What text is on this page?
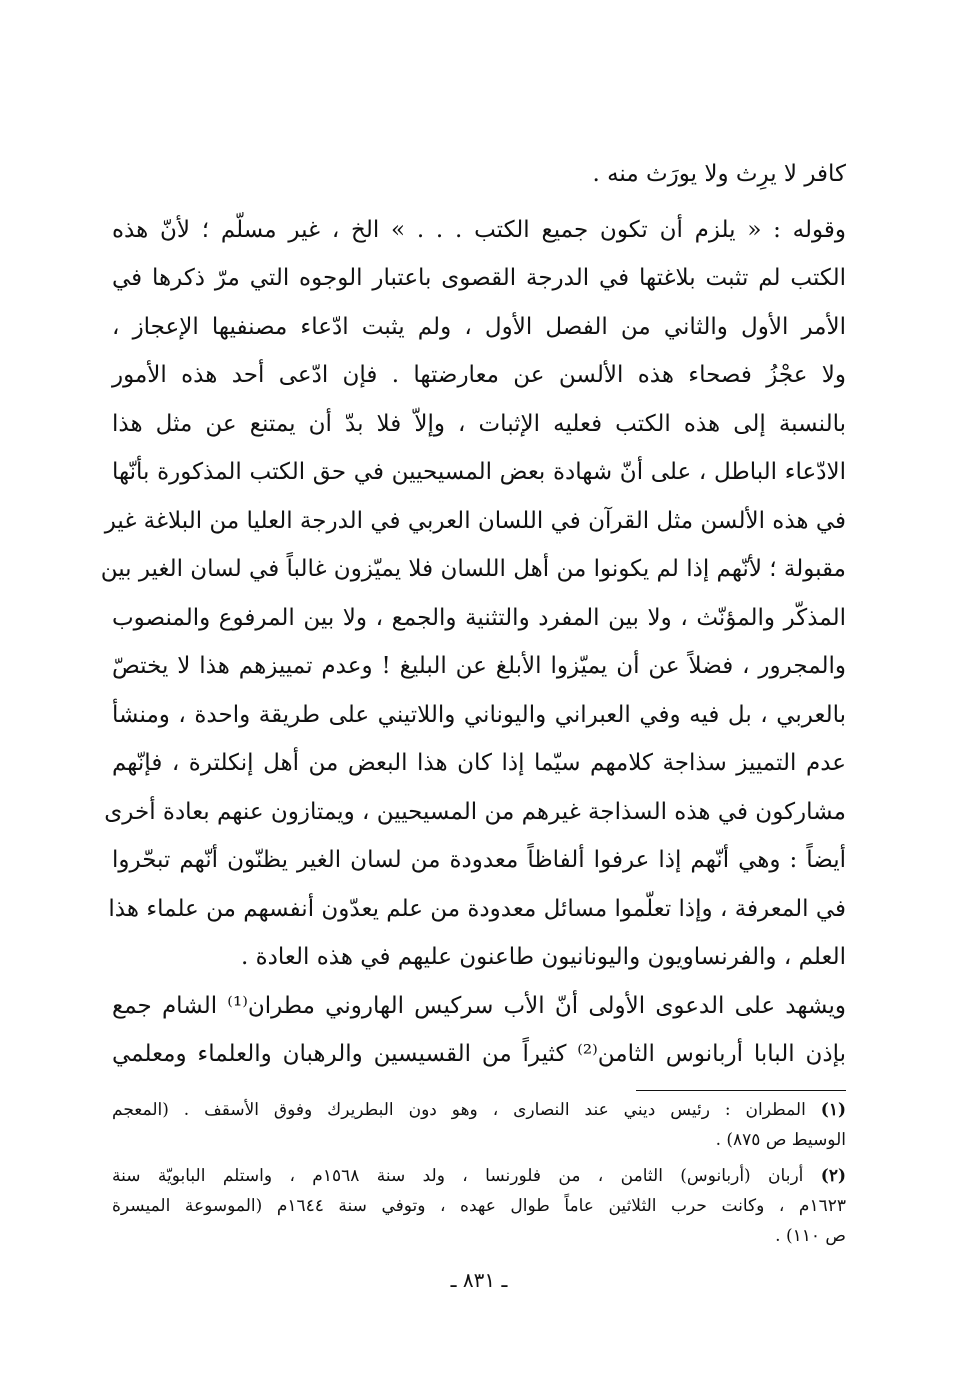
كافر لا يرِث ولا يورَث منه .
وقوله : « يلزم أن تكون جميع الكتب . . . » الخ ، غير مسلّم ؛ لأنّ هذه
الكتب لم تثبت بلاغتها في الدرجة القصوى باعتبار الوجوه التي مرّ ذكرها في
الأمر الأول والثاني من الفصل الأول ، ولم يثبت ادّعاء مصنفيها الإعجاز ،
ولا عجْزُ فصحاء هذه الألسن عن معارضتها . فإن ادّعى أحد هذه الأمور
بالنسبة إلى هذه الكتب فعليه الإثبات ، وإلاّ فلا بدّ أن يمتنع عن مثل هذا
الادّعاء الباطل ، على أنّ شهادة بعض المسيحيين في حق الكتب المذكورة بأنّها
في هذه الألسن مثل القرآن في اللسان العربي في الدرجة العليا من البلاغة غير
مقبولة ؛ لأنّهم إذا لم يكونوا من أهل اللسان فلا يميّزون غالباً في لسان الغير بين
المذكّر والمؤنّث ، ولا بين المفرد والتثنية والجمع ، ولا بين المرفوع والمنصوب
والمجرور ، فضلاً عن أن يميّزوا الأبلغ عن البليغ ! وعدم تمييزهم هذا لا يختصّ
بالعربي ، بل فيه وفي العبراني واليوناني واللاتيني على طريقة واحدة ، ومنشأ
عدم التمييز سذاجة كلامهم سيّما إذا كان هذا البعض من أهل إنكلترة ، فإنّهم
مشاركون في هذه السذاجة غيرهم من المسيحيين ، ويمتازون عنهم بعادة أخرى
أيضاً : وهي أنّهم إذا عرفوا ألفاظاً معدودة من لسان الغير يظنّون أنّهم تبحّروا
في المعرفة ، وإذا تعلّموا مسائل معدودة من علم يعدّون أنفسهم من علماء هذا
العلم ، والفرنساويون واليونانيون طاعنون عليهم في هذه العادة .
ويشهد على الدعوى الأولى أنّ الأب سركيس الهاروني مطران⁽¹⁾ الشام جمع
بإذن البابا أربانوس الثامن⁽²⁾ كثيراً من القسيسين والرهبان والعلماء ومعلمي
(١) المطران : رئيس ديني عند النصارى ، وهو دون البطريرك وفوق الأسقف . (المعجم
الوسيط ص ٨٧٥) .
(٢) أربان (أربانوس) الثامن ، من فلورنسا ، ولد سنة ١٥٦٨م ، واستلم البابويّة سنة
١٦٢٣م ، وكانت حرب الثلاثين عاماً طوال عهده ، وتوفي سنة ١٦٤٤م (الموسوعة الميسرة
ص ١١٠) .
ـ ٨٣١ ـ
